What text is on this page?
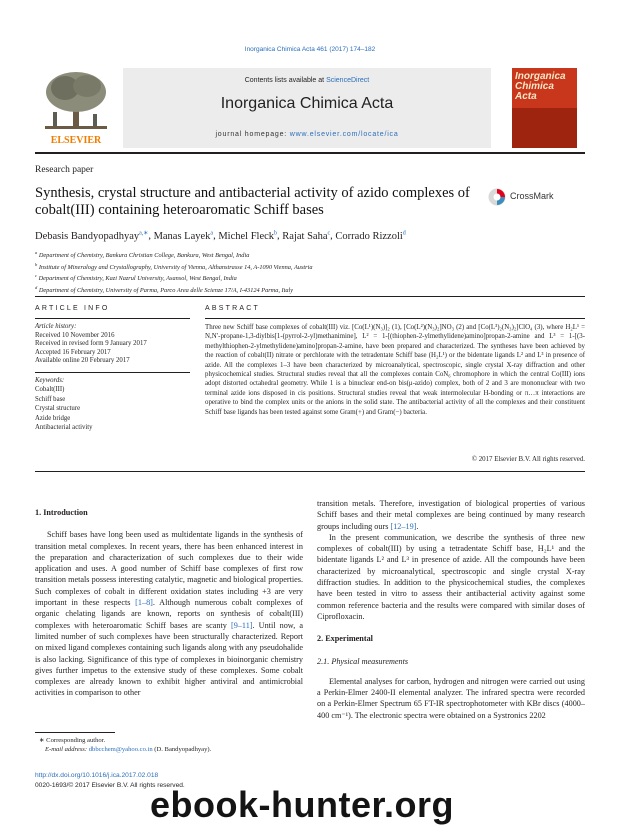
Inorganica Chimica Acta 461 (2017) 174–182
ELSEVIER
Contents lists available at ScienceDirect
Inorganica Chimica Acta
journal homepage: www.elsevier.com/locate/ica
Inorganica Chimica Acta
Research paper
Synthesis, crystal structure and antibacterial activity of azido complexes of cobalt(III) containing heteroaromatic Schiff bases
CrossMark
Debasis Bandyopadhyay$^{a,∗}$, Manas Layek$^a$, Michel Fleck$^b$, Rajat Saha$^c$, Corrado Rizzoli$^d$
$^a$ Department of Chemistry, Bankura Christian College, Bankura, West Bengal, India
$^b$ Institute of Mineralogy and Crystallography, University of Vienna, Althanstrasse 14, A-1090 Vienna, Austria
$^c$ Department of Chemistry, Kazi Nazrul University, Asansol, West Bengal, India
$^d$ Department of Chemistry, University of Parma, Parco Area delle Scienze 17/A, I-43124 Parma, Italy
ARTICLE INFO
Article history:
Received 10 November 2016
Received in revised form 9 January 2017
Accepted 16 February 2017
Available online 20 February 2017
Keywords:
Cobalt(III)
Schiff base
Crystal structure
Azide bridge
Antibacterial activity
ABSTRACT
Three new Schiff base complexes of cobalt(III) viz. [Co(L¹)(N₃)]₂ (1), [Co(L²)(N₃)₂]NO₃ (2) and [Co(L³)₂(N₃)₂]ClO₄ (3), where H₂L¹ = N,N′-propane-1,3-diylbis[1-(pyrrol-2-yl)methanimine], L² = 1-[(thiophen-2-ylmethylidene)amino]propan-2-amine and L³ = 1-[(3-methylthiophen-2-ylmethylidene)amino]propan-2-amine, have been prepared and characterized. The syntheses have been achieved by the reaction of cobalt(II) nitrate or perchlorate with the tetradentate Schiff base (H₂L¹) or the bidentate ligands L² and L³ in presence of azide. All the complexes 1–3 have been characterized by microanalytical, spectroscopic, single crystal X-ray diffraction and other physicochemical studies. Structural studies reveal that all the complexes contain CoN₆ chromophore in which the central Co(III) ions adopt distorted octahedral geometry. While 1 is a binuclear end-on bis(μ-azido) complex, both of 2 and 3 are mononuclear with two terminal azide ions disposed in cis positions. Structural studies reveal that weak intermolecular H-bonding or π…π interactions are operative to bind the complex units or the anions in the solid state. The antibacterial activity of all the complexes and their constituent Schiff base ligands has been tested against some Gram(+) and Gram(−) bacteria.
© 2017 Elsevier B.V. All rights reserved.
1. Introduction

Schiff bases have long been used as multidentate ligands in the synthesis of transition metal complexes. In recent years, there has been enhanced interest in the preparation and characterization of such complexes due to their wide application and uses. A good number of Schiff base complexes of first row transition metals possess interesting catalytic, magnetic and biological properties. Such complexes of cobalt in different oxidation states including +3 are very important in these respects [1–8]. Although numerous cobalt complexes of organic chelating ligands are known, reports on synthesis of cobalt(III) complexes with heteroaromatic Schiff bases are scanty [9–11]. Until now, a limited number of such complexes have been structurally characterized. Report on mixed ligand complexes containing such ligands along with any pseudohalide is also lacking. Significance of this type of complexes in bioinorganic chemistry gives further impetus to the extensive study of these complexes. Some cobalt complexes are already known to exhibit higher antiviral and antimicrobial activities in comparison to other

transition metals. Therefore, investigation of biological properties of various Schiff bases and their metal complexes are being continued by many research groups including ours [12–19].

In the present communication, we describe the synthesis of three new complexes of cobalt(III) by using a tetradentate Schiff base, H₂L¹ and the bidentate ligands L² and L³ in presence of azide. All the compounds have been characterized by microanalytical, spectroscopic and single crystal X-ray diffraction studies. In addition to the physicochemical studies, the complexes have been tested in vitro to assess their antibacterial activity against some common reference bacteria and the results were compared with similar doses of Ciprofloxacin.

2. Experimental
2.1. Physical measurements

Elemental analyses for carbon, hydrogen and nitrogen were carried out using a Perkin-Elmer 2400-II elemental analyzer. The infrared spectra were recorded on a Perkin-Elmer Spectrum 65 FT-IR spectrophotometer with KBr discs (4000–400 cm⁻¹). The electronic spectra were obtained on a Systronics 2202

∗ Corresponding author.
E-mail address: dbbcchem@yahoo.co.in (D. Bandyopadhyay).
http://dx.doi.org/10.1016/j.ica.2017.02.018
0020-1693/© 2017 Elsevier B.V. All rights reserved.
ebook-hunter.org
